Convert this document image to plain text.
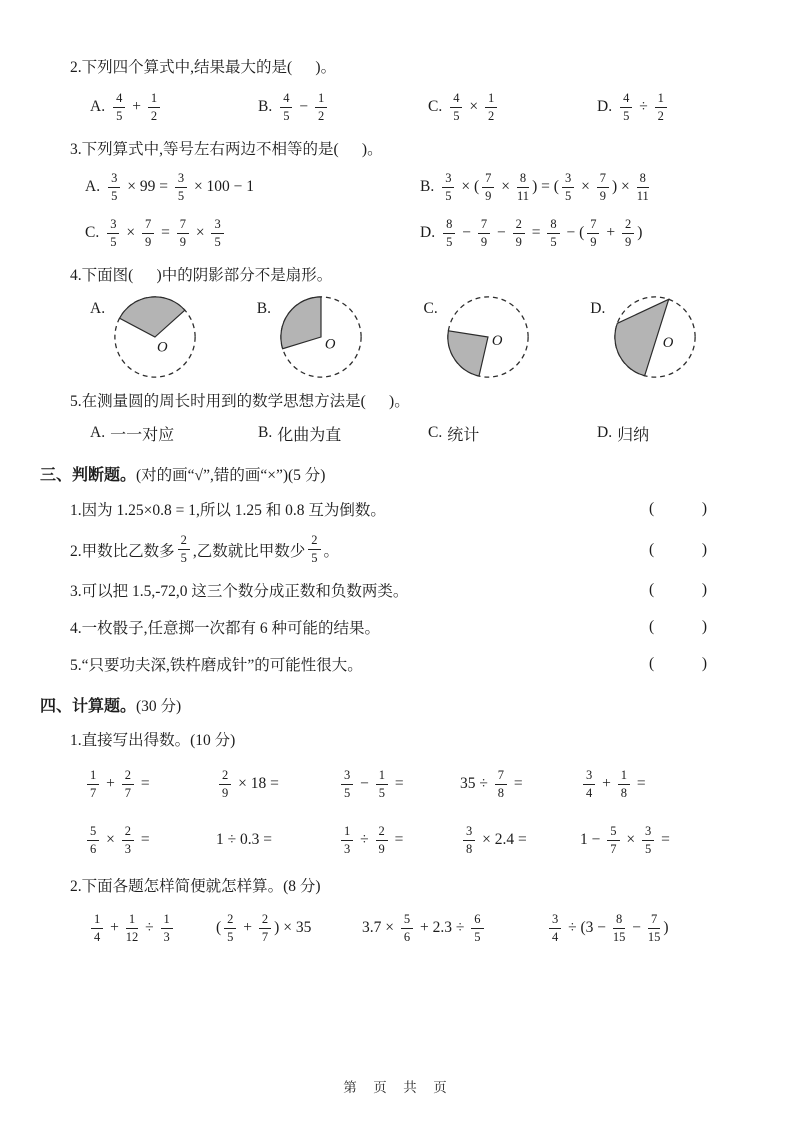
2.下列四个算式中,结果最大的是(      )。

A. $\frac{4}{5} + \frac{1}{2}$	B. $\frac{4}{5} - \frac{1}{2}$	C. $\frac{4}{5} \times \frac{1}{2}$	D. $\frac{4}{5} \div \frac{1}{2}$

3.下列算式中,等号左右两边不相等的是(      )。

A. $\frac{3}{5} \times 99 = \frac{3}{5} \times 100 - 1$	B. $\frac{3}{5}$ × ( $\frac{7}{9} \times \frac{8}{11}$ ) = ( $\frac{3}{5} \times \frac{7}{9}$ ) × $\frac{8}{11}$
C. $\frac{3}{5} \times \frac{7}{9} = \frac{7}{9} \times \frac{3}{5}$	D. $\frac{8}{5} - \frac{7}{9} - \frac{2}{9} = \frac{8}{5}$ − ( $\frac{7}{9} + \frac{2}{9}$ )

4.下面图(      )中的阴影部分不是扇形。

A.
O
B.
O
C.
O
D.
O

5.在测量圆的周长时用到的数学思想方法是(      )。

A. 一一对应	B. 化曲为直	C. 统计	D. 归纳

三、判断题。(对的画“√”,错的画“×”)(5 分)

1.因为 1.25×0.8 = 1,所以 1.25 和 0.8 互为倒数。	(	)
2.甲数比乙数多 $\frac{2}{5}$ ,乙数就比甲数少 $\frac{2}{5}$ 。	(	)
3.可以把 1.5,-72,0 这三个数分成正数和负数两类。	(	)
4.一枚骰子,任意掷一次都有 6 种可能的结果。	(	)
5.“只要功夫深,铁杵磨成针”的可能性很大。	(	)

四、计算题。(30 分)

1.直接写出得数。(10 分)

$\frac{1}{7} + \frac{2}{7}$ =	$\frac{2}{9} \times 18$ =	$\frac{3}{5} - \frac{1}{5}$ =	$35 \div \frac{7}{8}$ =	$\frac{3}{4} + \frac{1}{8}$ =
$\frac{5}{6} \times \frac{2}{3}$ =	1 ÷ 0.3 =	$\frac{1}{3} \div \frac{2}{9}$ =	$\frac{3}{8} \times 2.4$ =	$1 - \frac{5}{7} \times \frac{3}{5}$ =

2.下面各题怎样简便就怎样算。(8 分)

$\frac{1}{4} + \frac{1}{12} \div \frac{1}{3}$	( $\frac{2}{5} + \frac{2}{7}$ ) × 35	$3.7 \times \frac{5}{6} + 2.3 \div \frac{6}{5}$	$\frac{3}{4} \div (3 - \frac{8}{15} - \frac{7}{15}$ )
第  页  共  页
